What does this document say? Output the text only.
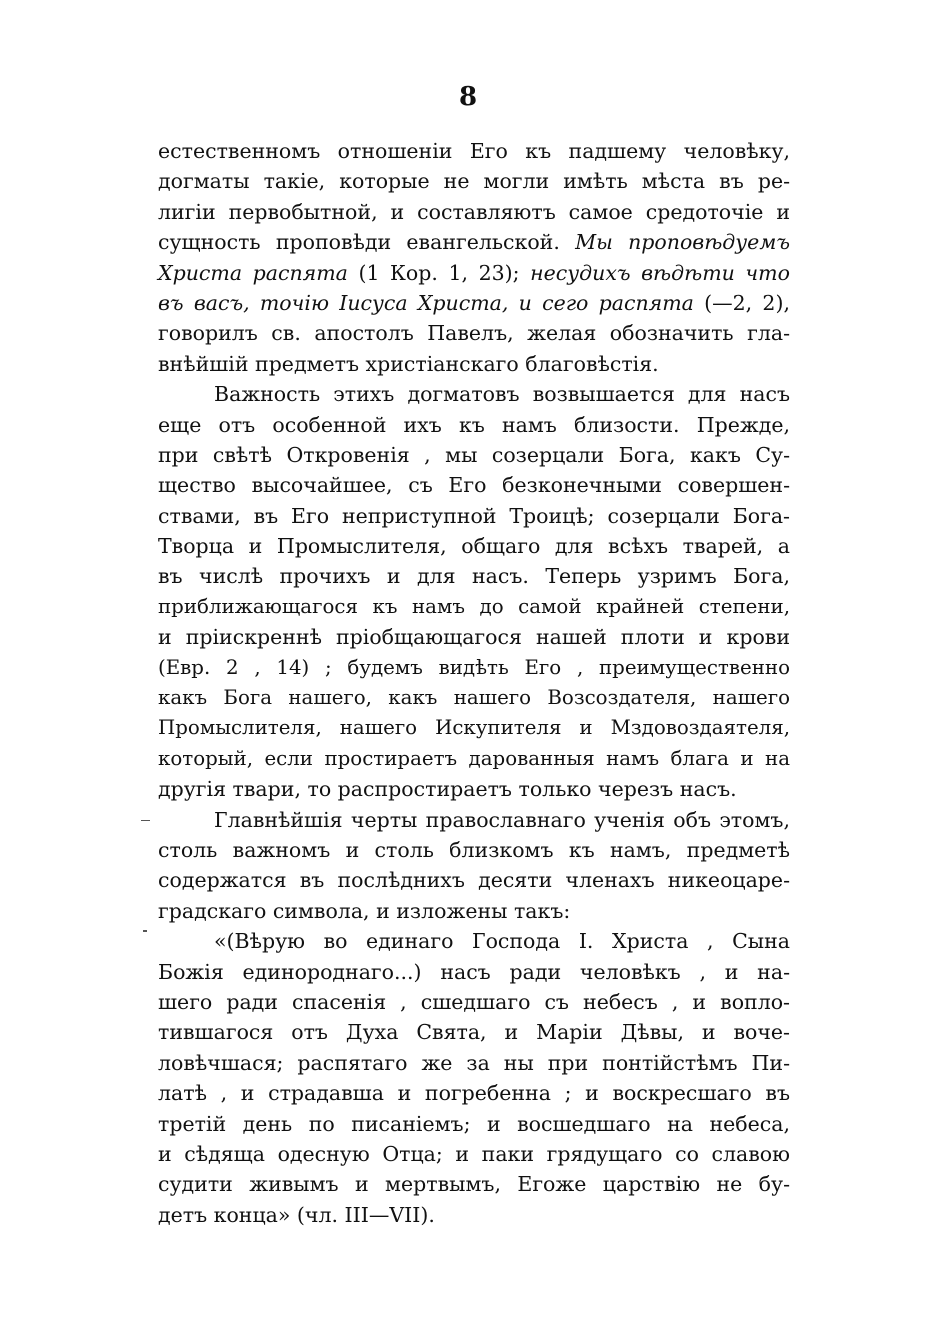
8
естественномъ отношеніи Его къ падшему человѣку,
догматы такіе, которые не могли имѣть мѣста въ ре-
лигіи первобытной, и составляютъ самое средоточіе и
сущность проповѣди евангельской. Мы проповѣдуемъ
Христа распята (1 Кор. 1, 23); несудихъ вѣдѣти что
въ васъ, точію Іисуса Христа, и сего распята (—2, 2),
говорилъ св. апостолъ Павелъ, желая обозначить гла-
внѣйшій предметъ христіанскаго благовѣстія.
Важность этихъ догматовъ возвышается для насъ
еще отъ особенной ихъ къ намъ близости. Прежде,
при свѣтѣ Откровенія , мы созерцали Бога, какъ Су-
щество высочайшее, съ Его безконечными совершен-
ствами, въ Его неприступной Троицѣ; созерцали Бога-
Творца и Промыслителя, общаго для всѣхъ тварей, а
въ числѣ прочихъ и для насъ. Теперь узримъ Бога,
приближающагося къ намъ до самой крайней степени,
и пріискреннѣ пріобщающагося нашей плоти и крови
(Евр. 2 , 14) ; будемъ видѣть Его , преимущественно
какъ Бога нашего, какъ нашего Возсоздателя, нашего
Промыслителя, нашего Искупителя и Мздовоздаятеля,
который, если простираетъ дарованныя намъ блага и на
другія твари, то распростираетъ только черезъ насъ.
Главнѣйшія черты православнаго ученія объ этомъ,
столь важномъ и столь близкомъ къ намъ, предметѣ
содержатся въ послѣднихъ десяти членахъ никеоцаре-
градскаго символа, и изложены такъ:
«(Вѣрую во единаго Господа І. Христа , Сына
Божія единороднаго...) насъ ради человѣкъ , и на-
шего ради спасенія , сшедшаго съ небесъ , и вопло-
тившагося отъ Духа Свята, и Маріи Дѣвы, и воче-
ловѣчшася; распятаго же за ны при понтійстѣмъ Пи-
латѣ , и страдавша и погребенна ; и воскресшаго въ
третій день по писаніемъ; и восшедшаго на небеса,
и сѣдяща одесную Отца; и паки грядущаго со славою
судити живымъ и мертвымъ, Егоже царствію не бу-
детъ конца» (чл. III—VII).
